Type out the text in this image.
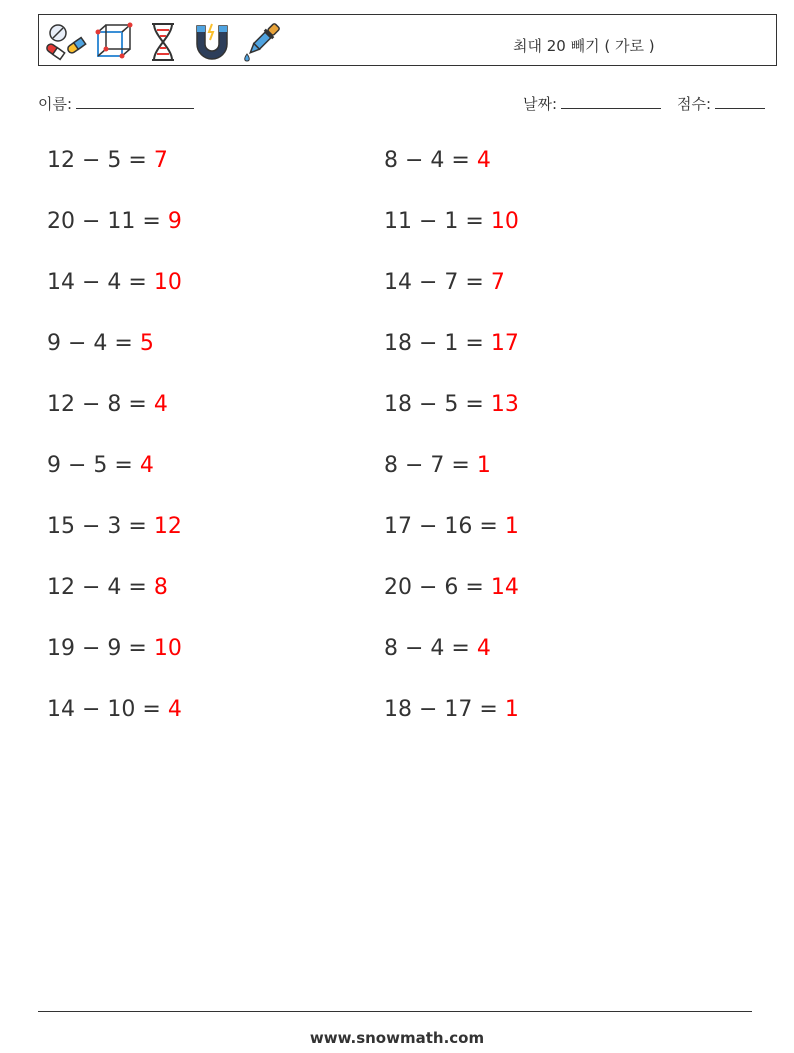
최대 20 빼기 ( 가로 )
이름:	날짜:	점수:
12 − 5 = 7
20 − 11 = 9
14 − 4 = 10
9 − 4 = 5
12 − 8 = 4
9 − 5 = 4
15 − 3 = 12
12 − 4 = 8
19 − 9 = 10
14 − 10 = 4
8 − 4 = 4
11 − 1 = 10
14 − 7 = 7
18 − 1 = 17
18 − 5 = 13
8 − 7 = 1
17 − 16 = 1
20 − 6 = 14
8 − 4 = 4
18 − 17 = 1
www.snowmath.com
